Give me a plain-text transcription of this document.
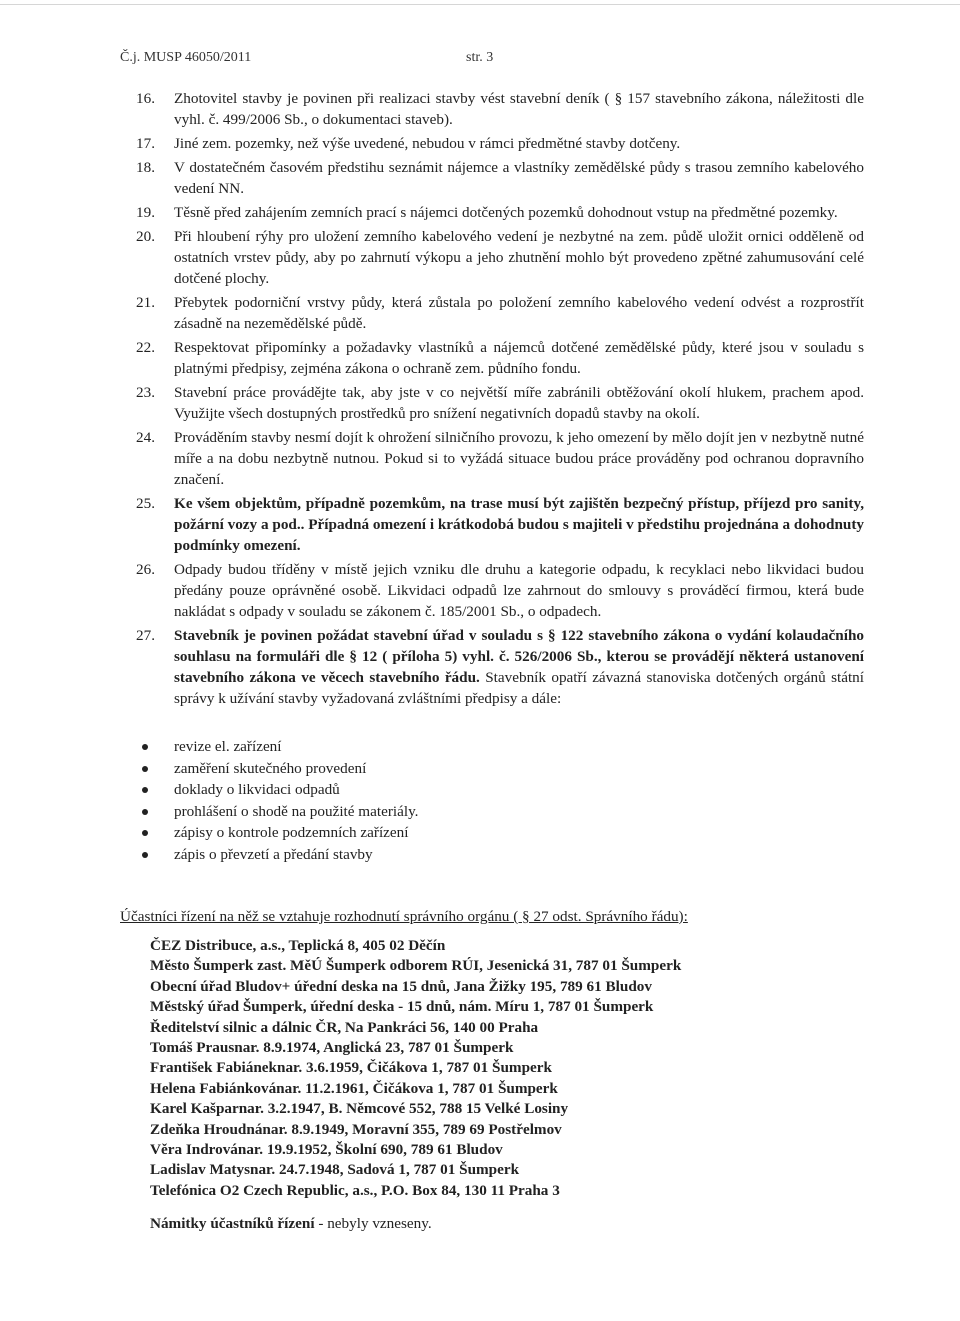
Č.j. MUSP 46050/2011	str. 3
16.	Zhotovitel stavby je povinen při realizaci stavby vést stavební deník ( § 157 stavebního zákona, náležitosti dle vyhl. č. 499/2006 Sb., o dokumentaci staveb).
17.	Jiné zem. pozemky, než výše uvedené, nebudou v rámci předmětné stavby dotčeny.
18.	V dostatečném časovém předstihu seznámit nájemce a vlastníky zemědělské půdy s trasou zemního kabelového vedení NN.
19.	Těsně před zahájením zemních prací s nájemci dotčených pozemků dohodnout vstup na předmětné pozemky.
20.	Při hloubení rýhy pro uložení zemního kabelového vedení je nezbytné na zem. půdě uložit ornici odděleně od ostatních vrstev půdy, aby po zahrnutí výkopu a jeho zhutnění mohlo být provedeno zpětné zahumusování celé dotčené plochy.
21.	Přebytek podorniční vrstvy půdy, která zůstala po položení zemního kabelového vedení odvést a rozprostřít zásadně na nezemědělské půdě.
22.	Respektovat připomínky a požadavky vlastníků a nájemců dotčené zemědělské půdy, které jsou v souladu s platnými předpisy, zejména zákona o ochraně zem. půdního fondu.
23.	Stavební práce provádějte tak, aby jste v co největší míře zabránili obtěžování okolí hlukem, prachem apod. Využijte všech dostupných prostředků pro snížení negativních dopadů stavby na okolí.
24.	Prováděním stavby nesmí dojít k ohrožení silničního provozu, k jeho omezení by mělo dojít jen v nezbytně nutné míře a na dobu nezbytně nutnou. Pokud si to vyžádá situace budou práce prováděny pod ochranou dopravního značení.
25.	Ke všem objektům, případně pozemkům, na trase musí být zajištěn bezpečný přístup, příjezd pro sanity, požární vozy a pod.. Případná omezení i krátkodobá budou s majiteli v předstihu projednána a dohodnuty podmínky omezení.
26.	Odpady budou tříděny v místě jejich vzniku dle druhu a kategorie odpadu, k recyklaci nebo likvidaci budou předány pouze oprávněné osobě. Likvidaci odpadů lze zahrnout do smlouvy s prováděcí firmou, která bude nakládat s odpady v souladu se zákonem č. 185/2001 Sb., o odpadech.
27.	Stavebník je povinen požádat stavební úřad v souladu s § 122 stavebního zákona o vydání kolaudačního souhlasu na formuláři dle § 12 ( příloha 5) vyhl. č. 526/2006 Sb., kterou se provádějí některá ustanovení stavebního zákona ve věcech stavebního řádu. Stavebník opatří závazná stanoviska dotčených orgánů státní správy k užívání stavby vyžadovaná zvláštními předpisy a dále:
revize el. zařízení
zaměření skutečného provedení
doklady o likvidaci odpadů
prohlášení o shodě na použité materiály.
zápisy o kontrole podzemních zařízení
zápis o převzetí a předání stavby
Účastníci řízení na něž se vztahuje rozhodnutí správního orgánu ( § 27 odst. Správního řádu):
ČEZ Distribuce, a.s., Teplická 8, 405 02 Děčín
Město Šumperk zast. MěÚ Šumperk odborem RÚI, Jesenická 31, 787 01 Šumperk
Obecní úřad Bludov+ úřední deska na 15 dnů, Jana Žižky 195, 789 61 Bludov
Městský úřad Šumperk, úřední deska - 15 dnů, nám. Míru 1, 787 01 Šumperk
Ředitelství silnic a dálnic ČR, Na Pankráci 56, 140 00 Praha
Tomáš Prausnar. 8.9.1974, Anglická 23, 787 01 Šumperk
František Fabiáneknar. 3.6.1959, Čičákova 1, 787 01 Šumperk
Helena Fabiánkovánar. 11.2.1961, Čičákova 1, 787 01 Šumperk
Karel Kašparnar. 3.2.1947, B. Němcové 552, 788 15 Velké Losiny
Zdeňka Hroudnánar. 8.9.1949, Moravní 355, 789 69 Postřelmov
Věra Indrovánar. 19.9.1952, Školní 690, 789 61 Bludov
Ladislav Matysnar. 24.7.1948, Sadová 1, 787 01 Šumperk
Telefónica O2 Czech Republic, a.s., P.O. Box 84, 130 11 Praha 3
Námitky účastníků řízení - nebyly vzneseny.
